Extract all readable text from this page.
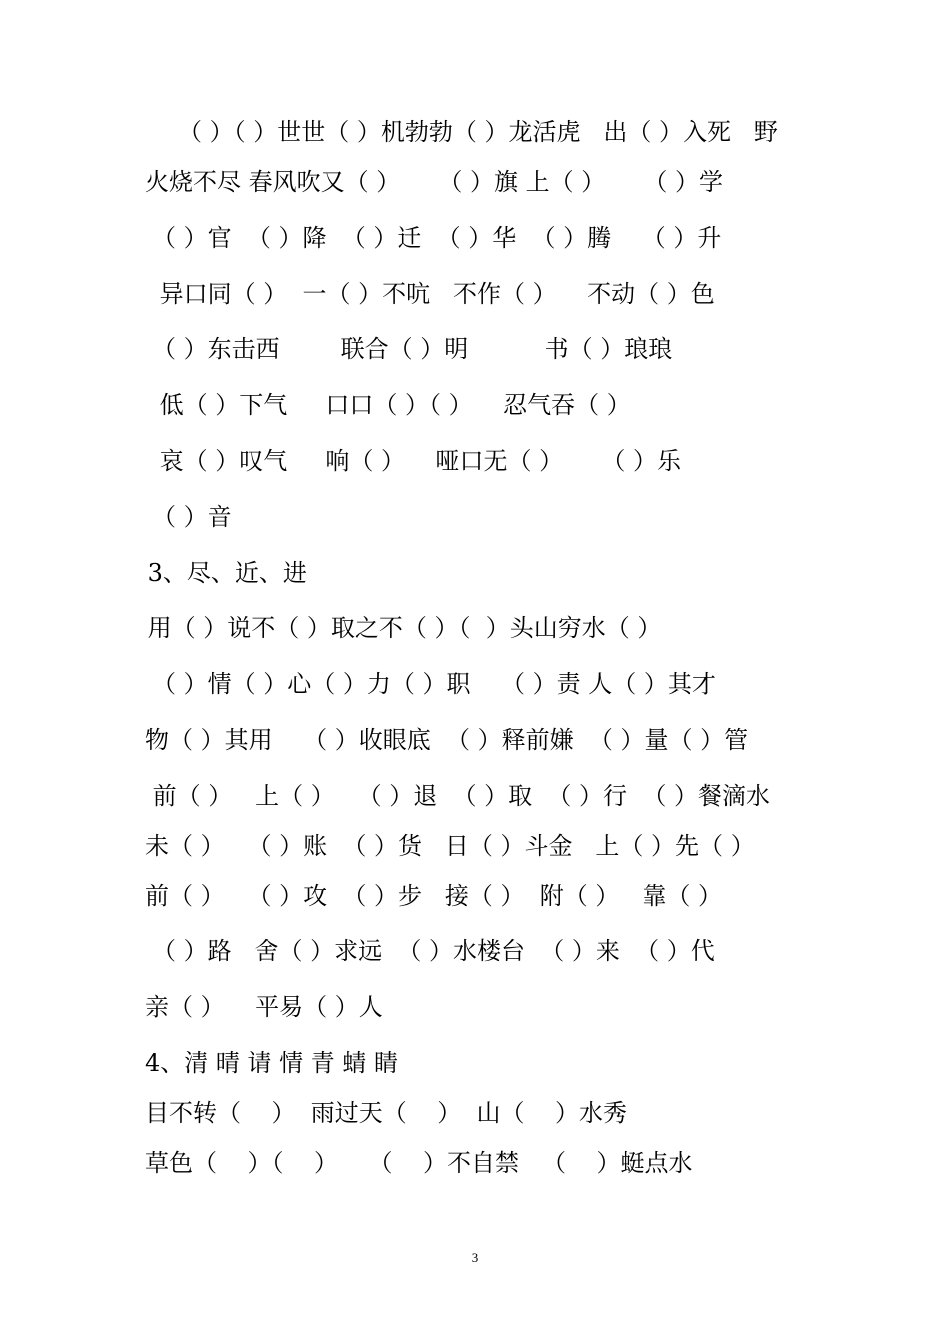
（ ）（ ）世世（ ）机勃勃（ ）龙活虎   出（ ）入死   野
火烧不尽 春风吹又（ ）     （ ）旗 上（ ）     （ ）学
（ ）官  （ ）降  （ ）迁  （ ）华  （ ）腾    （ ）升
异口同（ ）  一（ ）不吭   不作（ ）    不动（ ）色
（ ）东击西        联合（ ）明          书（ ）琅琅
低（ ）下气     口口（ ）（ ）    忍气吞（ ）
哀（ ）叹气     响（ ）    哑口无（ ）     （ ）乐
（ ）音
3、尽、近、进
用（ ）说不（ ）取之不（ ）（  ）头山穷水（ ）
（ ）情（ ）心（ ）力（ ）职    （ ）责 人（ ）其才
物（ ）其用    （ ）收眼底  （ ）释前嫌  （ ）量（ ）管
前（ ）   上（ ）   （ ）退  （ ）取  （ ）行  （ ）餐滴水
未（ ）   （ ）账  （ ）货   日（ ）斗金   上（ ）先（ ）
前（ ）   （ ）攻  （ ）步   接（ ）  附（ ）   靠（ ）
（ ）路   舍（ ）求远  （ ）水楼台  （ ）来  （ ）代
亲（ ）    平易（ ）人
4、清 晴 请 情 青 蜻 睛
目不转（    ）  雨过天（    ）  山（    ）水秀
草色（    ）（    ）    （    ）不自禁   （    ）蜓点水
3
